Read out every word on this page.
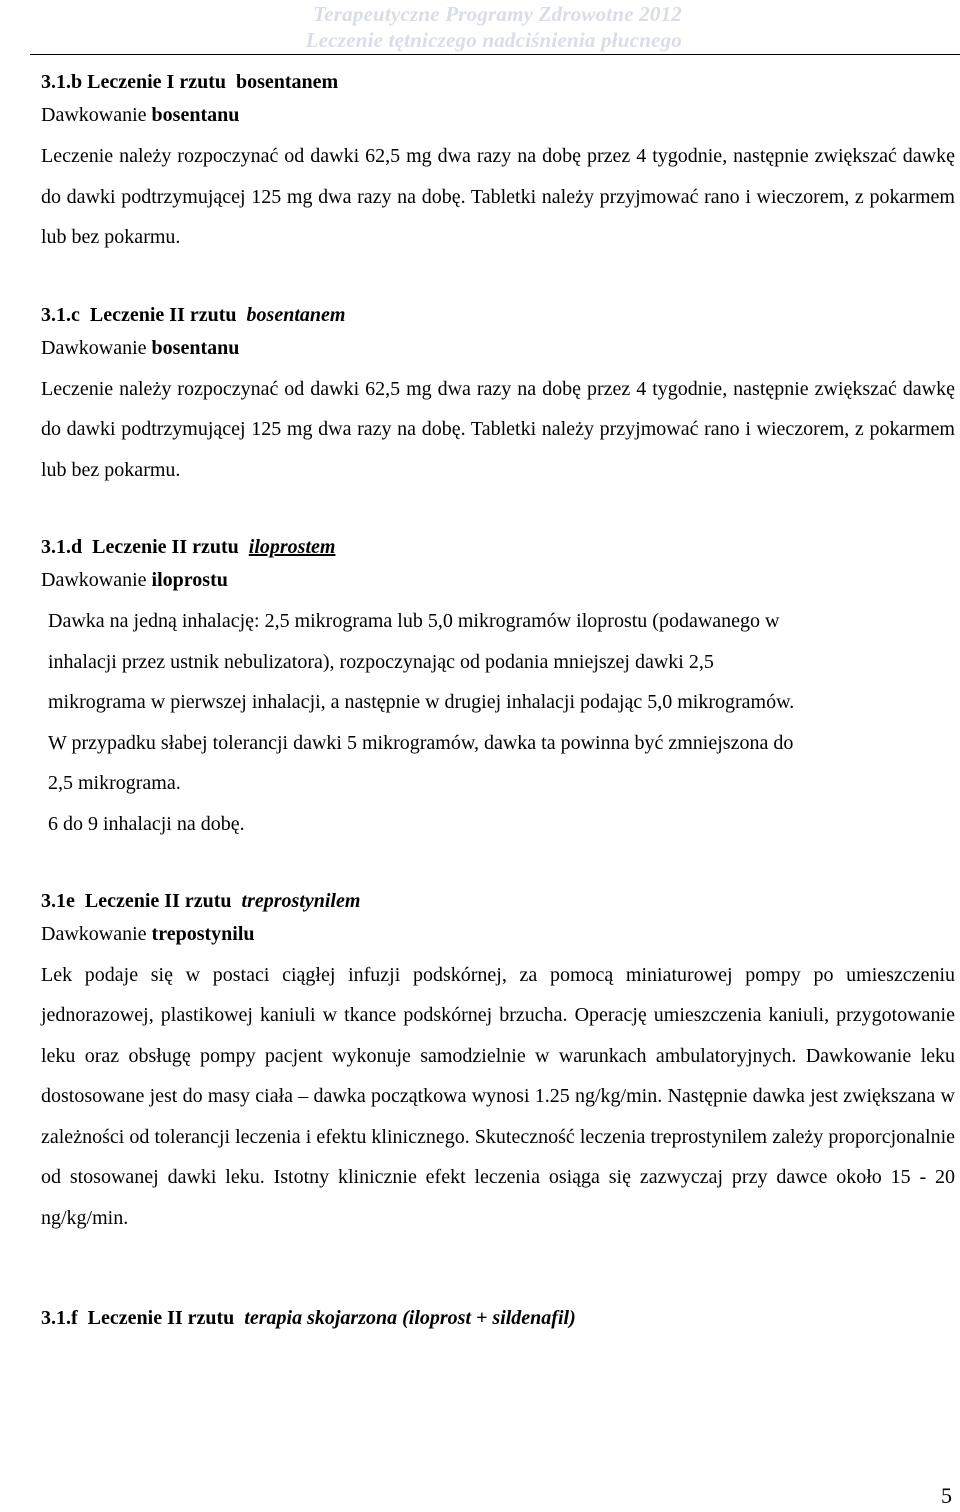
Terapeutyczne Programy Zdrowotne 2012
Leczenie tętniczego nadciśnienia płucnego
3.1.b Leczenie I rzutu bosentanem
Dawkowanie bosentanu

Leczenie należy rozpoczynać od dawki 62,5 mg dwa razy na dobę przez 4 tygodnie, następnie zwiększać dawkę do dawki podtrzymującej 125 mg dwa razy na dobę. Tabletki należy przyjmować rano i wieczorem, z pokarmem lub bez pokarmu.

3.1.c Leczenie II rzutu bosentanem
Dawkowanie bosentanu

Leczenie należy rozpoczynać od dawki 62,5 mg dwa razy na dobę przez 4 tygodnie, następnie zwiększać dawkę do dawki podtrzymującej 125 mg dwa razy na dobę. Tabletki należy przyjmować rano i wieczorem, z pokarmem lub bez pokarmu.

3.1.d Leczenie II rzutu iloprostem
Dawkowanie iloprostu

Dawka na jedną inhalację: 2,5 mikrograma lub 5,0 mikrogramów iloprostu (podawanego w

inhalacji przez ustnik nebulizatora), rozpoczynając od podania mniejszej dawki 2,5

mikrograma w pierwszej inhalacji, a następnie w drugiej inhalacji podając 5,0 mikrogramów.

W przypadku słabej tolerancji dawki 5 mikrogramów, dawka ta powinna być zmniejszona do

2,5 mikrograma.

6 do 9 inhalacji na dobę.

3.1e Leczenie II rzutu treprostynilem
Dawkowanie trepostynilu

Lek podaje się w postaci ciągłej infuzji podskórnej, za pomocą miniaturowej pompy po umieszczeniu jednorazowej, plastikowej kaniuli w tkance podskórnej brzucha. Operację umieszczenia kaniuli, przygotowanie leku oraz obsługę pompy pacjent wykonuje samodzielnie w warunkach ambulatoryjnych. Dawkowanie leku dostosowane jest do masy ciała – dawka początkowa wynosi 1.25 ng/kg/min. Następnie dawka jest zwiększana w zależności od tolerancji leczenia i efektu klinicznego. Skuteczność leczenia treprostynilem zależy proporcjonalnie od stosowanej dawki leku. Istotny klinicznie efekt leczenia osiąga się zazwyczaj przy dawce około 15 - 20 ng/kg/min.

3.1.f Leczenie II rzutu terapia skojarzona (iloprost + sildenafil)
5
